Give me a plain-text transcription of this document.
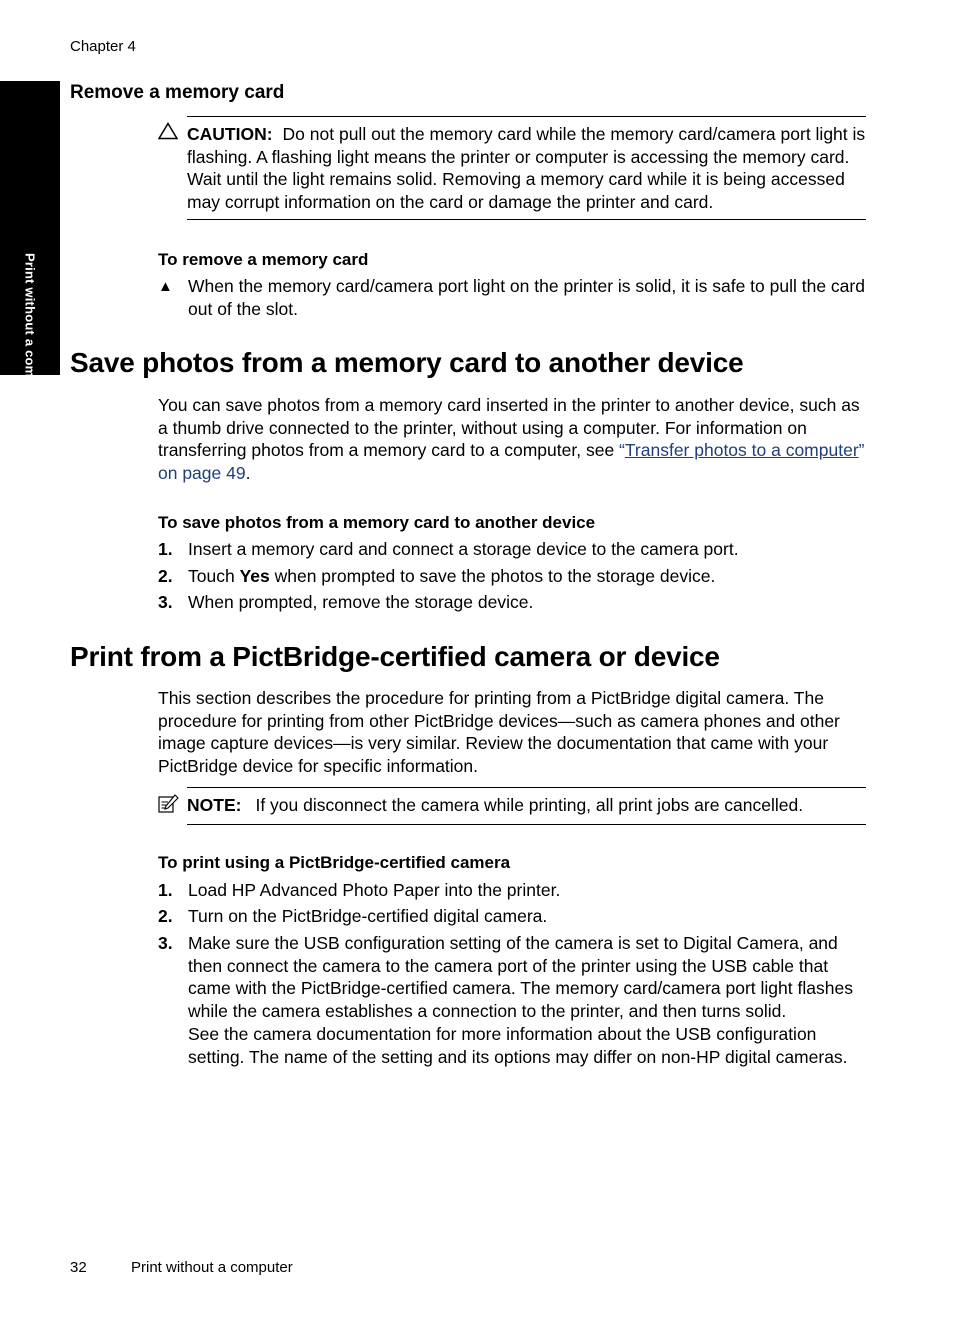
Print without a computer
Chapter 4
Remove a memory card
CAUTION: Do not pull out the memory card while the memory card/camera port light is flashing. A flashing light means the printer or computer is accessing the memory card. Wait until the light remains solid. Removing a memory card while it is being accessed may corrupt information on the card or damage the printer and card.
To remove a memory card
▲ When the memory card/camera port light on the printer is solid, it is safe to pull the card out of the slot.
Save photos from a memory card to another device
You can save photos from a memory card inserted in the printer to another device, such as a thumb drive connected to the printer, without using a computer. For information on transferring photos from a memory card to a computer, see “Transfer photos to a computer” on page 49.
To save photos from a memory card to another device
1. Insert a memory card and connect a storage device to the camera port.
2. Touch Yes when prompted to save the photos to the storage device.
3. When prompted, remove the storage device.
Print from a PictBridge-certified camera or device
This section describes the procedure for printing from a PictBridge digital camera. The procedure for printing from other PictBridge devices—such as camera phones and other image capture devices—is very similar. Review the documentation that came with your PictBridge device for specific information.
NOTE: If you disconnect the camera while printing, all print jobs are cancelled.
To print using a PictBridge-certified camera
1. Load HP Advanced Photo Paper into the printer.
2. Turn on the PictBridge-certified digital camera.
3. Make sure the USB configuration setting of the camera is set to Digital Camera, and then connect the camera to the camera port of the printer using the USB cable that came with the PictBridge-certified camera. The memory card/camera port light flashes while the camera establishes a connection to the printer, and then turns solid.
See the camera documentation for more information about the USB configuration setting. The name of the setting and its options may differ on non-HP digital cameras.
32	Print without a computer
